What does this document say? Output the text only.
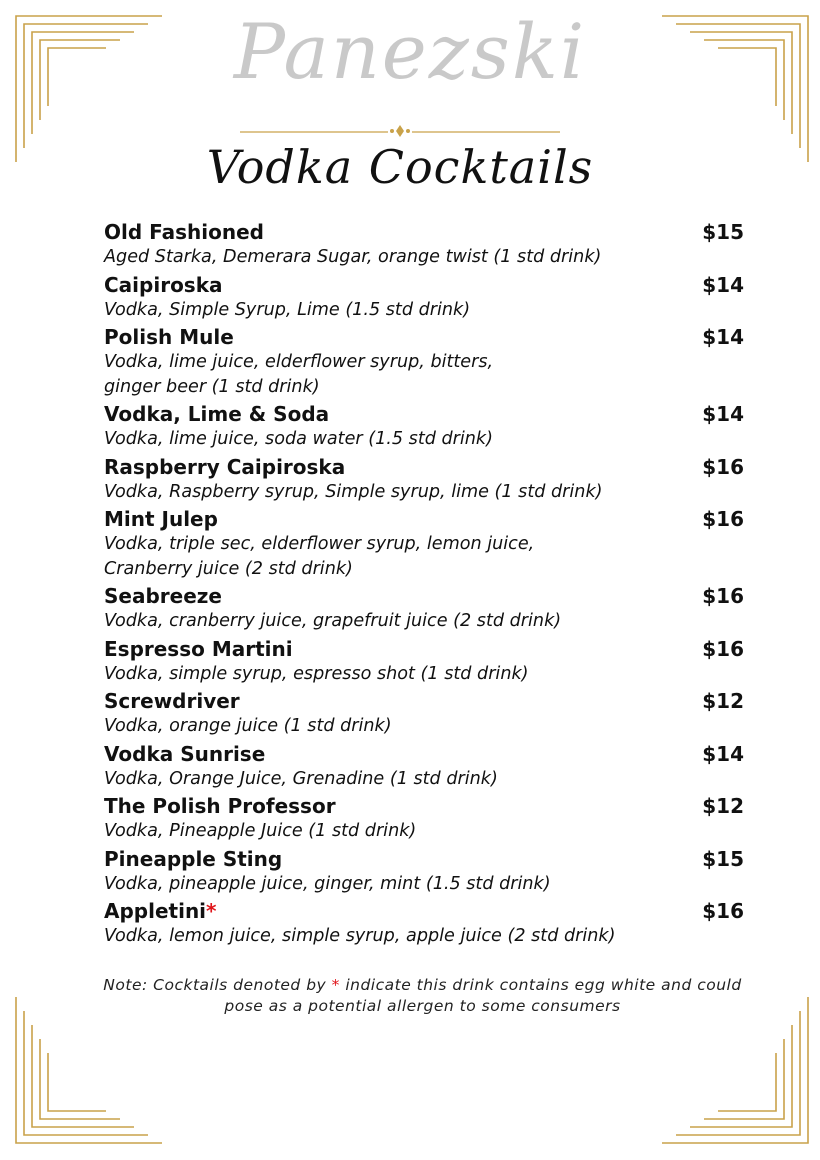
Panezski
Vodka Cocktails
Old Fashioned	$15
Aged Starka, Demerara Sugar, orange twist (1 std drink)
Caipiroska	$14
Vodka, Simple Syrup, Lime (1.5 std drink)
Polish Mule	$14
Vodka, lime juice, elderflower syrup, bitters,
ginger beer (1 std drink)
Vodka, Lime & Soda	$14
Vodka, lime juice, soda water (1.5 std drink)
Raspberry Caipiroska	$16
Vodka, Raspberry syrup, Simple syrup, lime (1 std drink)
Mint Julep	$16
Vodka, triple sec, elderflower syrup, lemon juice,
Cranberry juice (2 std drink)
Seabreeze	$16
Vodka, cranberry juice, grapefruit juice (2 std drink)
Espresso Martini	$16
Vodka, simple syrup, espresso shot (1 std drink)
Screwdriver	$12
Vodka, orange juice (1 std drink)
Vodka Sunrise	$14
Vodka, Orange Juice, Grenadine (1 std drink)
The Polish Professor	$12
Vodka, Pineapple Juice (1 std drink)
Pineapple Sting	$15
Vodka, pineapple juice, ginger, mint (1.5 std drink)
Appletini*	$16
Vodka, lemon juice, simple syrup, apple juice (2 std drink)
Note: Cocktails denoted by * indicate this drink contains egg white and could pose as a potential allergen to some consumers
